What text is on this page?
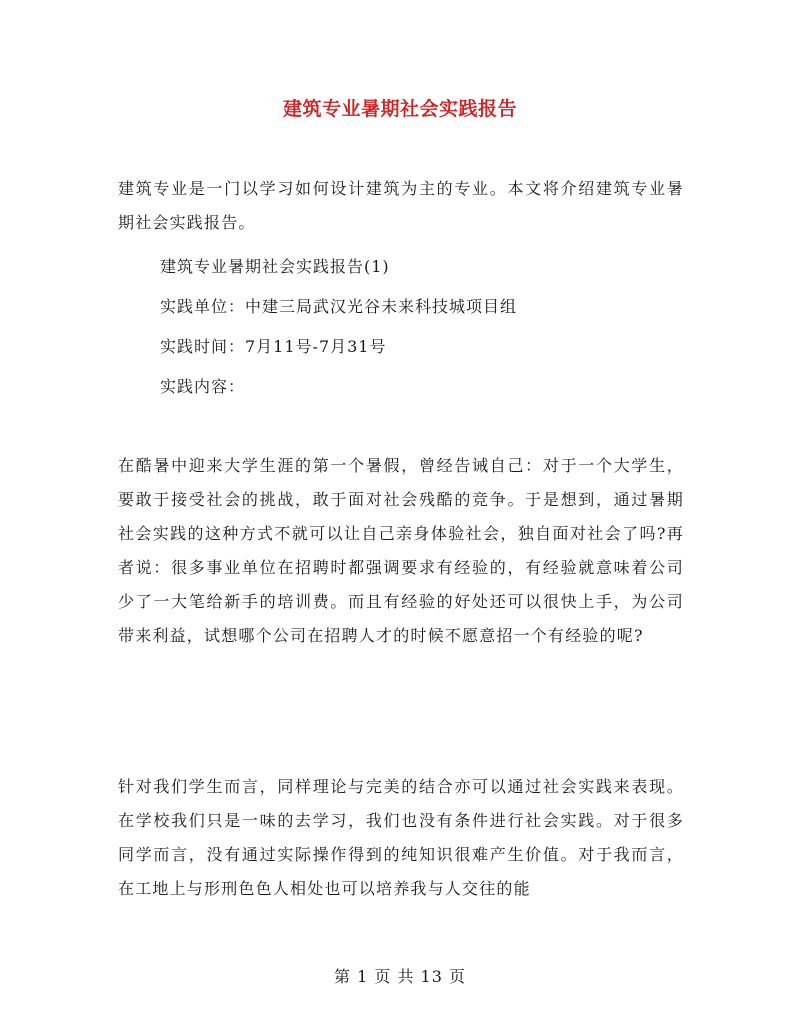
建筑专业暑期社会实践报告
建筑专业是一门以学习如何设计建筑为主的专业。本文将介绍建筑专业暑期社会实践报告。
建筑专业暑期社会实践报告(1)
实践单位：中建三局武汉光谷未来科技城项目组
实践时间：7月11号-7月31号
实践内容：
在酷暑中迎来大学生涯的第一个暑假，曾经告诫自己：对于一个大学生，要敢于接受社会的挑战，敢于面对社会残酷的竞争。于是想到，通过暑期社会实践的这种方式不就可以让自己亲身体验社会，独自面对社会了吗?再者说：很多事业单位在招聘时都强调要求有经验的，有经验就意味着公司少了一大笔给新手的培训费。而且有经验的好处还可以很快上手，为公司带来利益，试想哪个公司在招聘人才的时候不愿意招一个有经验的呢?
针对我们学生而言，同样理论与完美的结合亦可以通过社会实践来表现。在学校我们只是一味的去学习，我们也没有条件进行社会实践。对于很多同学而言，没有通过实际操作得到的纯知识很难产生价值。对于我而言，在工地上与形刑色色人相处也可以培养我与人交往的能
第 1 页 共 13 页
